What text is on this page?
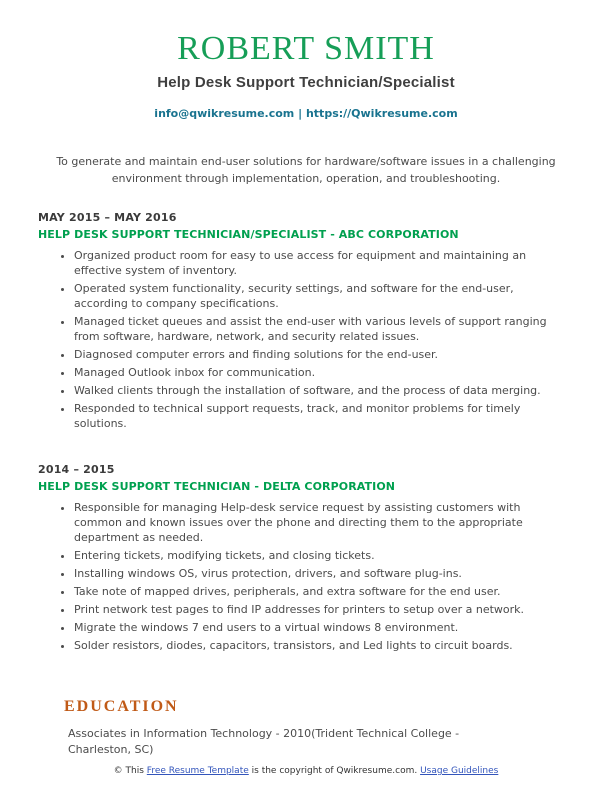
ROBERT SMITH
Help Desk Support Technician/Specialist

info@qwikresume.com | https://Qwikresume.com

To generate and maintain end-user solutions for hardware/software issues in a challenging environment through implementation, operation, and troubleshooting.

MAY 2015 – MAY 2016
HELP DESK SUPPORT TECHNICIAN/SPECIALIST - ABC CORPORATION
• Organized product room for easy to use access for equipment and maintaining an effective system of inventory.
• Operated system functionality, security settings, and software for the end-user, according to company specifications.
• Managed ticket queues and assist the end-user with various levels of support ranging from software, hardware, network, and security related issues.
• Diagnosed computer errors and finding solutions for the end-user.
• Managed Outlook inbox for communication.
• Walked clients through the installation of software, and the process of data merging.
• Responded to technical support requests, track, and monitor problems for timely solutions.
2014 – 2015
HELP DESK SUPPORT TECHNICIAN - DELTA CORPORATION
• Responsible for managing Help-desk service request by assisting customers with common and known issues over the phone and directing them to the appropriate department as needed.
• Entering tickets, modifying tickets, and closing tickets.
• Installing windows OS, virus protection, drivers, and software plug-ins.
• Take note of mapped drives, peripherals, and extra software for the end user.
• Print network test pages to find IP addresses for printers to setup over a network.
• Migrate the windows 7 end users to a virtual windows 8 environment.
• Solder resistors, diodes, capacitors, transistors, and Led lights to circuit boards.
EDUCATION

Associates in Information Technology - 2010(Trident Technical College - Charleston, SC)

© This Free Resume Template is the copyright of Qwikresume.com. Usage Guidelines
